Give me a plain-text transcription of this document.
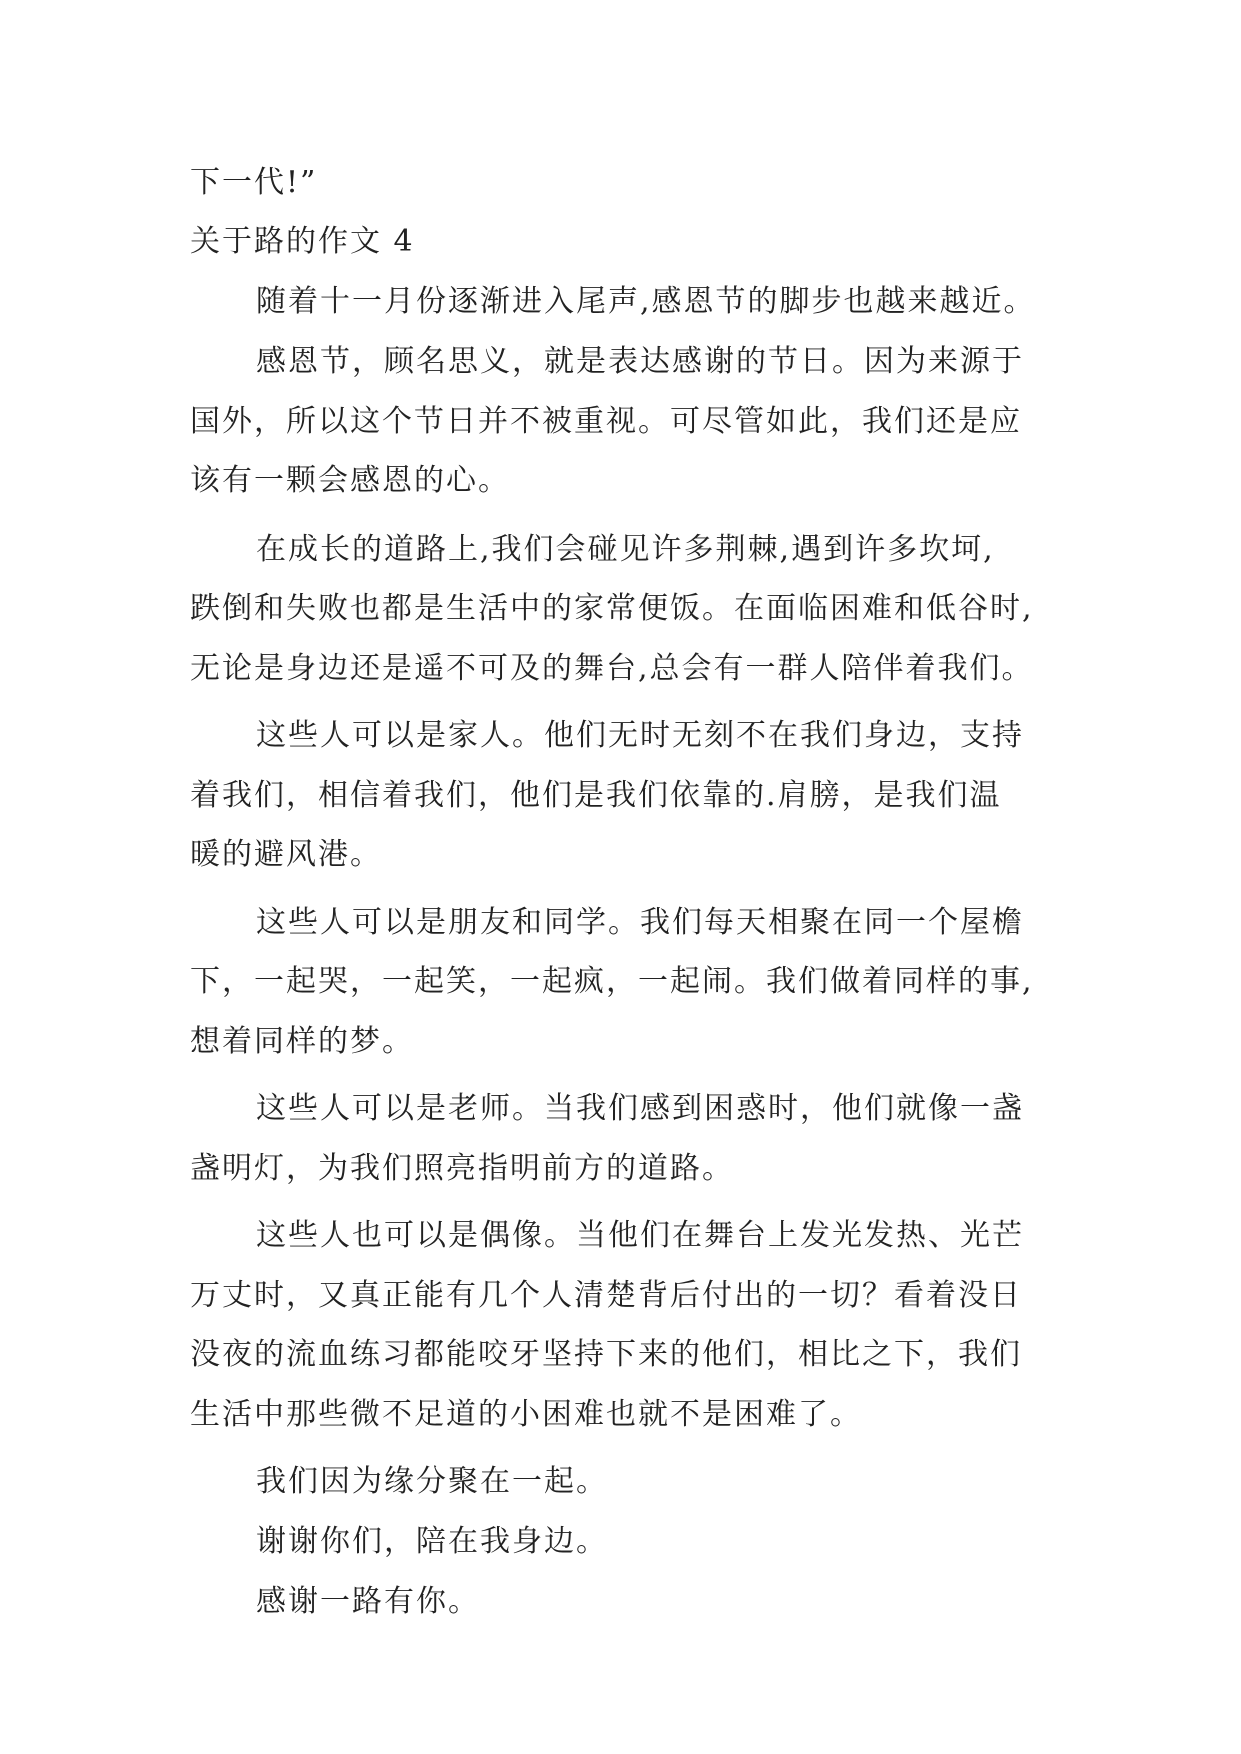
下一代!”
关于路的作文 4
随着十一月份逐渐进入尾声,感恩节的脚步也越来越近。
感恩节，顾名思义，就是表达感谢的节日。因为来源于
国外，所以这个节日并不被重视。可尽管如此，我们还是应
该有一颗会感恩的心。
在成长的道路上,我们会碰见许多荆棘,遇到许多坎坷,
跌倒和失败也都是生活中的家常便饭。在面临困难和低谷时,
无论是身边还是遥不可及的舞台,总会有一群人陪伴着我们。
这些人可以是家人。他们无时无刻不在我们身边，支持
着我们，相信着我们，他们是我们依靠的.肩膀，是我们温
暖的避风港。
这些人可以是朋友和同学。我们每天相聚在同一个屋檐
下，一起哭，一起笑，一起疯，一起闹。我们做着同样的事,
想着同样的梦。
这些人可以是老师。当我们感到困惑时，他们就像一盏
盏明灯，为我们照亮指明前方的道路。
这些人也可以是偶像。当他们在舞台上发光发热、光芒
万丈时，又真正能有几个人清楚背后付出的一切？看着没日
没夜的流血练习都能咬牙坚持下来的他们，相比之下，我们
生活中那些微不足道的小困难也就不是困难了。
我们因为缘分聚在一起。
谢谢你们，陪在我身边。
感谢一路有你。
